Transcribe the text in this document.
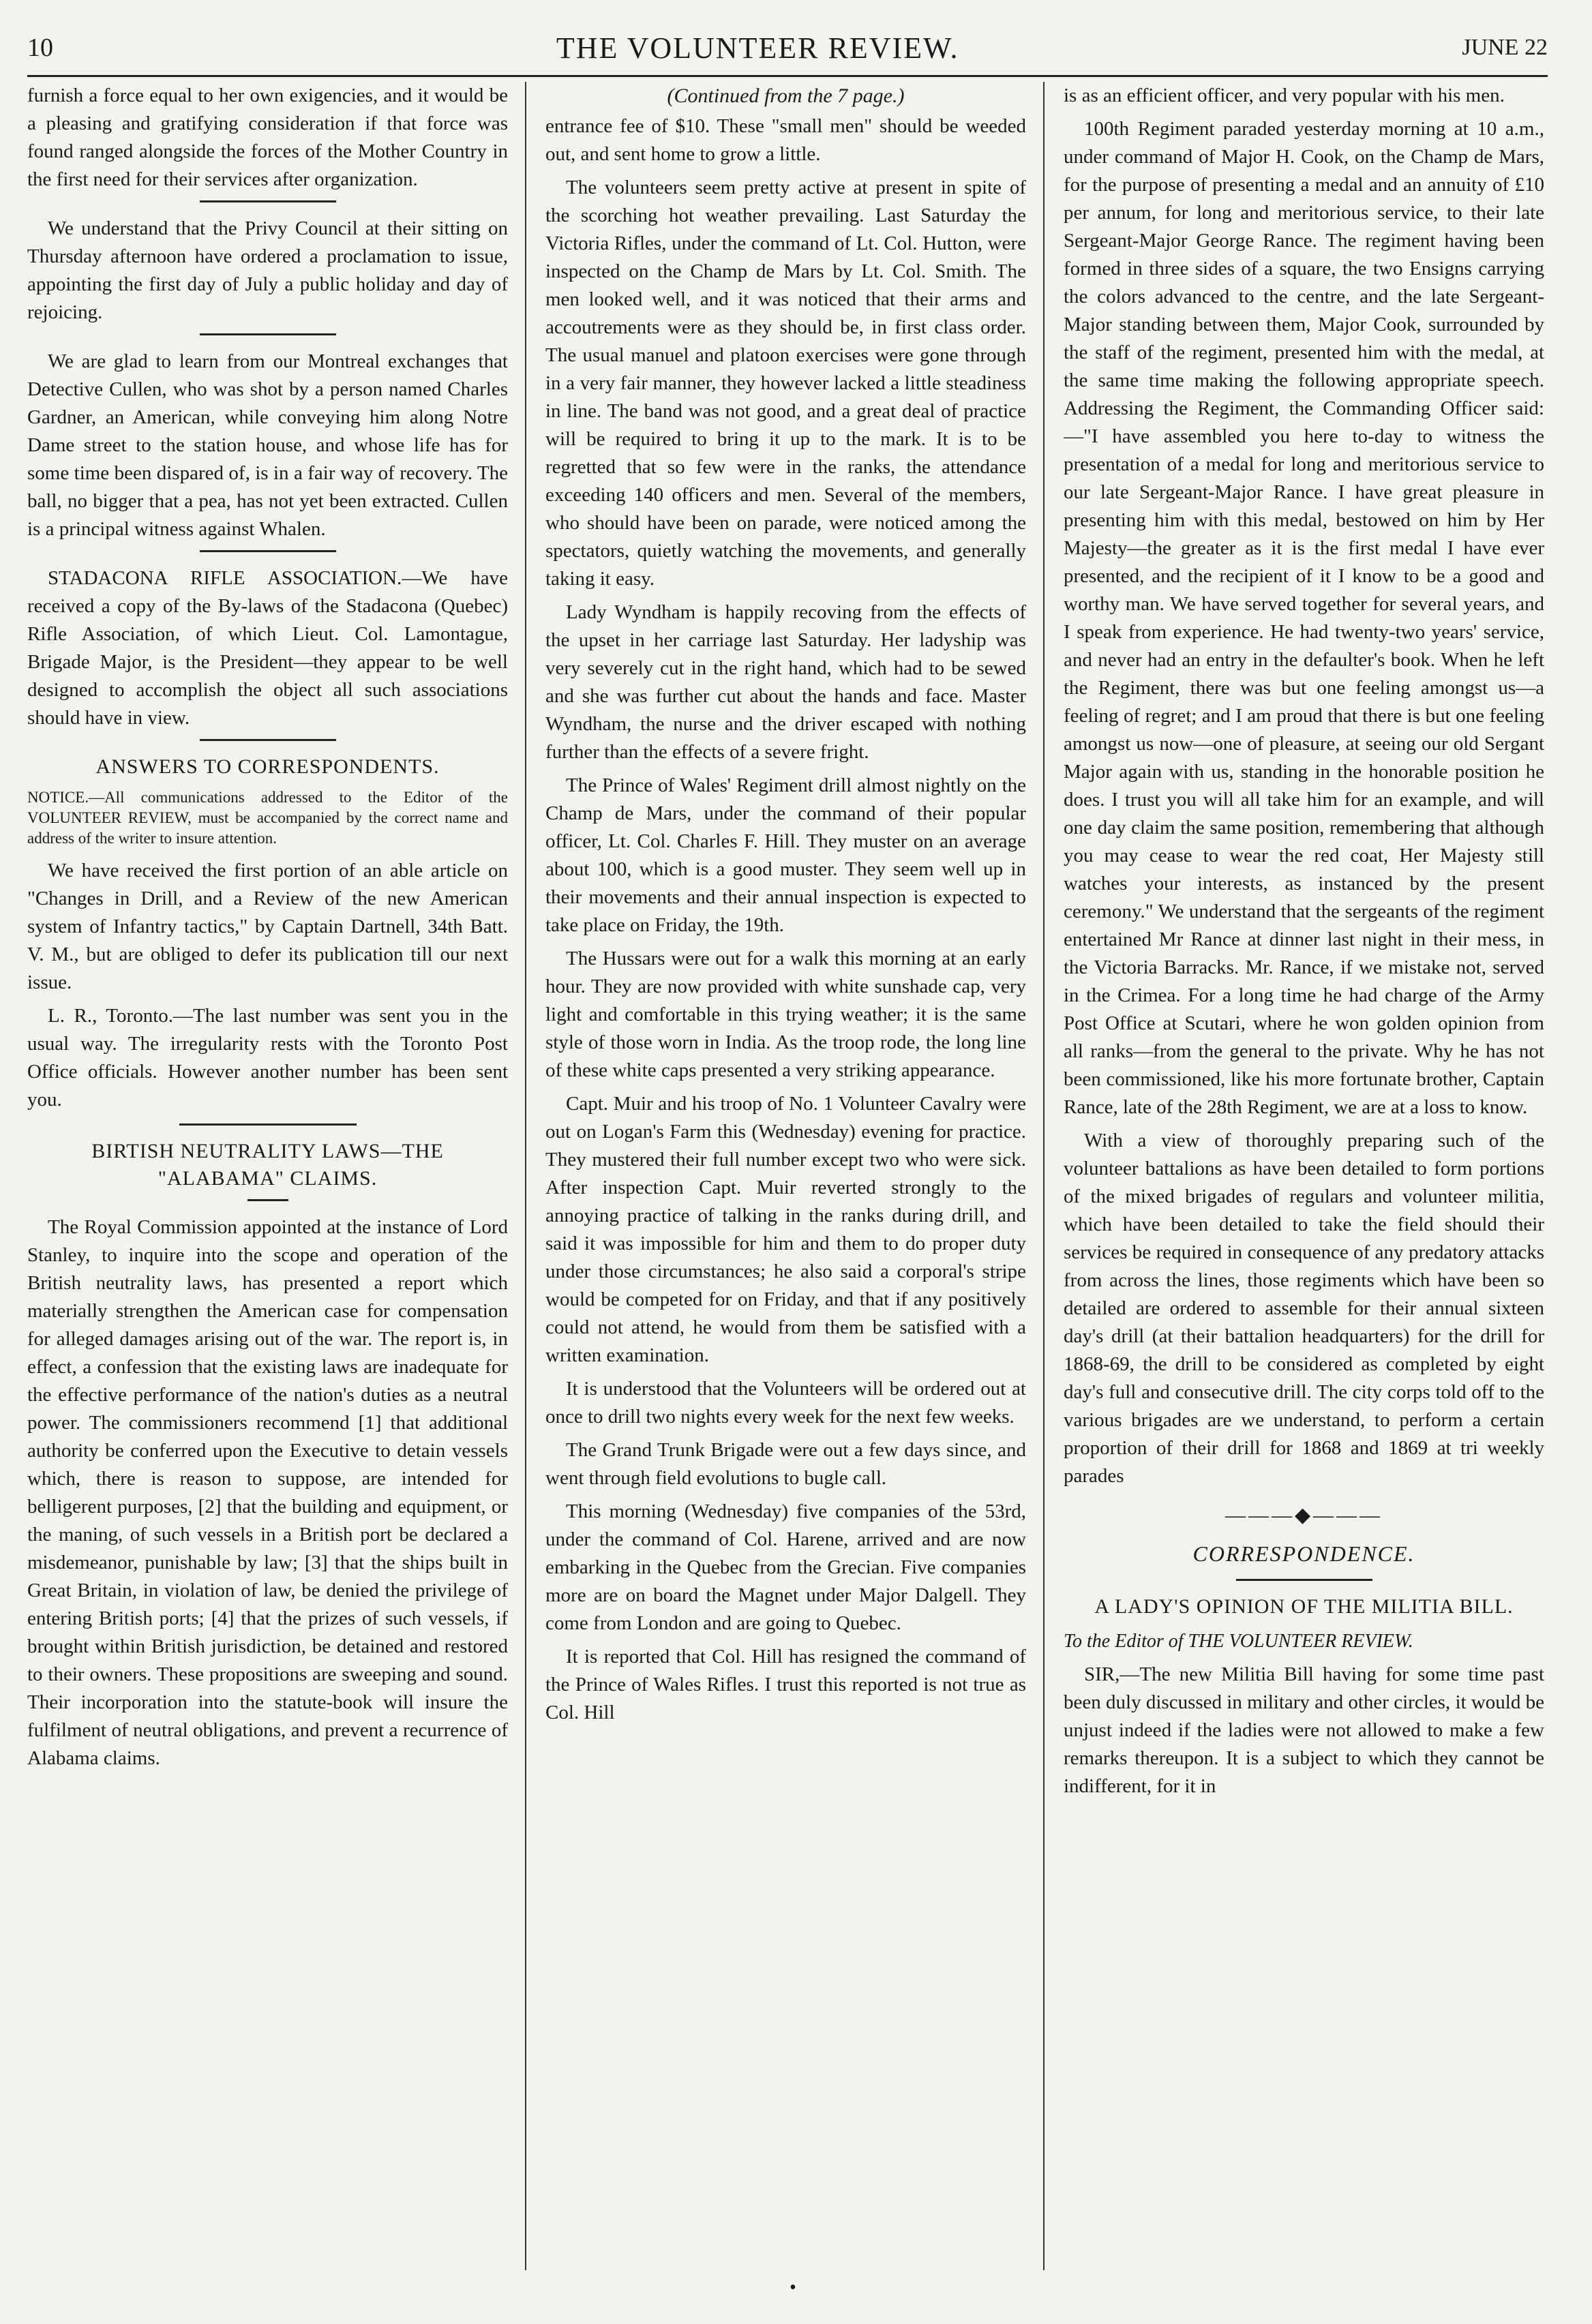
10	THE VOLUNTEER REVIEW.	JUNE 22

furnish a force equal to her own exigencies, and it would be a pleasing and gratifying consideration if that force was found ranged alongside the forces of the Mother Country in the first need for their services after organization.

We understand that the Privy Council at their sitting on Thursday afternoon have ordered a proclamation to issue, appointing the first day of July a public holiday and day of rejoicing.

We are glad to learn from our Montreal exchanges that Detective Cullen, who was shot by a person named Charles Gardner, an American, while conveying him along Notre Dame street to the station house, and whose life has for some time been dispared of, is in a fair way of recovery. The ball, no bigger that a pea, has not yet been extracted. Cullen is a principal witness against Whalen.

STADACONA RIFLE ASSOCIATION.—We have received a copy of the By-laws of the Stadacona (Quebec) Rifle Association, of which Lieut. Col. Lamontague, Brigade Major, is the President—they appear to be well designed to accomplish the object all such associations should have in view.

ANSWERS TO CORRESPONDENTS.
NOTICE.—All communications addressed to the Editor of the VOLUNTEER REVIEW, must be accompanied by the correct name and address of the writer to insure attention.

We have received the first portion of an able article on "Changes in Drill, and a Review of the new American system of Infantry tactics," by Captain Dartnell, 34th Batt. V. M., but are obliged to defer its publication till our next issue.

L. R., Toronto.—The last number was sent you in the usual way. The irregularity rests with the Toronto Post Office officials. However another number has been sent you.

BIRTISH NEUTRALITY LAWS—THE "ALABAMA" CLAIMS.

The Royal Commission appointed at the instance of Lord Stanley, to inquire into the scope and operation of the British neutrality laws, has presented a report which materially strengthen the American case for compensation for alleged damages arising out of the war. The report is, in effect, a confession that the existing laws are inadequate for the effective performance of the nation's duties as a neutral power. The commissioners recommend [1] that additional authority be conferred upon the Executive to detain vessels which, there is reason to suppose, are intended for belligerent purposes, [2] that the building and equipment, or the maning, of such vessels in a British port be declared a misdemeanor, punishable by law; [3] that the ships built in Great Britain, in violation of law, be denied the privilege of entering British ports; [4] that the prizes of such vessels, if brought within British jurisdiction, be detained and restored to their owners. These propositions are sweeping and sound. Their incorporation into the statute-book will insure the fulfilment of neutral obligations, and prevent a recurrence of Alabama claims.

(Continued from the 7 page.)

entrance fee of $10. These "small men" should be weeded out, and sent home to grow a little.

The volunteers seem pretty active at present in spite of the scorching hot weather prevailing. Last Saturday the Victoria Rifles, under the command of Lt. Col. Hutton, were inspected on the Champ de Mars by Lt. Col. Smith. The men looked well, and it was noticed that their arms and accoutrements were as they should be, in first class order. The usual manuel and platoon exercises were gone through in a very fair manner, they however lacked a little steadiness in line. The band was not good, and a great deal of practice will be required to bring it up to the mark. It is to be regretted that so few were in the ranks, the attendance exceeding 140 officers and men. Several of the members, who should have been on parade, were noticed among the spectators, quietly watching the movements, and generally taking it easy.

Lady Wyndham is happily recoving from the effects of the upset in her carriage last Saturday. Her ladyship was very severely cut in the right hand, which had to be sewed and she was further cut about the hands and face. Master Wyndham, the nurse and the driver escaped with nothing further than the effects of a severe fright.

The Prince of Wales' Regiment drill almost nightly on the Champ de Mars, under the command of their popular officer, Lt. Col. Charles F. Hill. They muster on an average about 100, which is a good muster. They seem well up in their movements and their annual inspection is expected to take place on Friday, the 19th.

The Hussars were out for a walk this morning at an early hour. They are now provided with white sunshade cap, very light and comfortable in this trying weather; it is the same style of those worn in India. As the troop rode, the long line of these white caps presented a very striking appearance.

Capt. Muir and his troop of No. 1 Volunteer Cavalry were out on Logan's Farm this (Wednesday) evening for practice. They mustered their full number except two who were sick. After inspection Capt. Muir reverted strongly to the annoying practice of talking in the ranks during drill, and said it was impossible for him and them to do proper duty under those circumstances; he also said a corporal's stripe would be competed for on Friday, and that if any positively could not attend, he would from them be satisfied with a written examination.

It is understood that the Volunteers will be ordered out at once to drill two nights every week for the next few weeks.

The Grand Trunk Brigade were out a few days since, and went through field evolutions to bugle call.

This morning (Wednesday) five companies of the 53rd, under the command of Col. Harene, arrived and are now embarking in the Quebec from the Grecian. Five companies more are on board the Magnet under Major Dalgell. They come from London and are going to Quebec.

It is reported that Col. Hill has resigned the command of the Prince of Wales Rifles. I trust this reported is not true as Col. Hill

is as an efficient officer, and very popular with his men.

100th Regiment paraded yesterday morning at 10 a.m., under command of Major H. Cook, on the Champ de Mars, for the purpose of presenting a medal and an annuity of £10 per annum, for long and meritorious service, to their late Sergeant-Major George Rance. The regiment having been formed in three sides of a square, the two Ensigns carrying the colors advanced to the centre, and the late Sergeant-Major standing between them, Major Cook, surrounded by the staff of the regiment, presented him with the medal, at the same time making the following appropriate speech. Addressing the Regiment, the Commanding Officer said:—"I have assembled you here to-day to witness the presentation of a medal for long and meritorious service to our late Sergeant-Major Rance. I have great pleasure in presenting him with this medal, bestowed on him by Her Majesty—the greater as it is the first medal I have ever presented, and the recipient of it I know to be a good and worthy man. We have served together for several years, and I speak from experience. He had twenty-two years' service, and never had an entry in the defaulter's book. When he left the Regiment, there was but one feeling amongst us—a feeling of regret; and I am proud that there is but one feeling amongst us now—one of pleasure, at seeing our old Sergant Major again with us, standing in the honorable position he does. I trust you will all take him for an example, and will one day claim the same position, remembering that although you may cease to wear the red coat, Her Majesty still watches your interests, as instanced by the present ceremony." We understand that the sergeants of the regiment entertained Mr Rance at dinner last night in their mess, in the Victoria Barracks. Mr. Rance, if we mistake not, served in the Crimea. For a long time he had charge of the Army Post Office at Scutari, where he won golden opinion from all ranks—from the general to the private. Why he has not been commissioned, like his more fortunate brother, Captain Rance, late of the 28th Regiment, we are at a loss to know.

With a view of thoroughly preparing such of the volunteer battalions as have been detailed to form portions of the mixed brigades of regulars and volunteer militia, which have been detailed to take the field should their services be required in consequence of any predatory attacks from across the lines, those regiments which have been so detailed are ordered to assemble for their annual sixteen day's drill (at their battalion headquarters) for the drill for 1868-69, the drill to be considered as completed by eight day's full and consecutive drill. The city corps told off to the various brigades are we understand, to perform a certain proportion of their drill for 1868 and 1869 at tri weekly parades

———◆———
CORRESPONDENCE.
A LADY'S OPINION OF THE MILITIA BILL.
To the Editor of THE VOLUNTEER REVIEW.

SIR,—The new Militia Bill having for some time past been duly discussed in military and other circles, it would be unjust indeed if the ladies were not allowed to make a few remarks thereupon. It is a subject to which they cannot be indifferent, for it in

•
